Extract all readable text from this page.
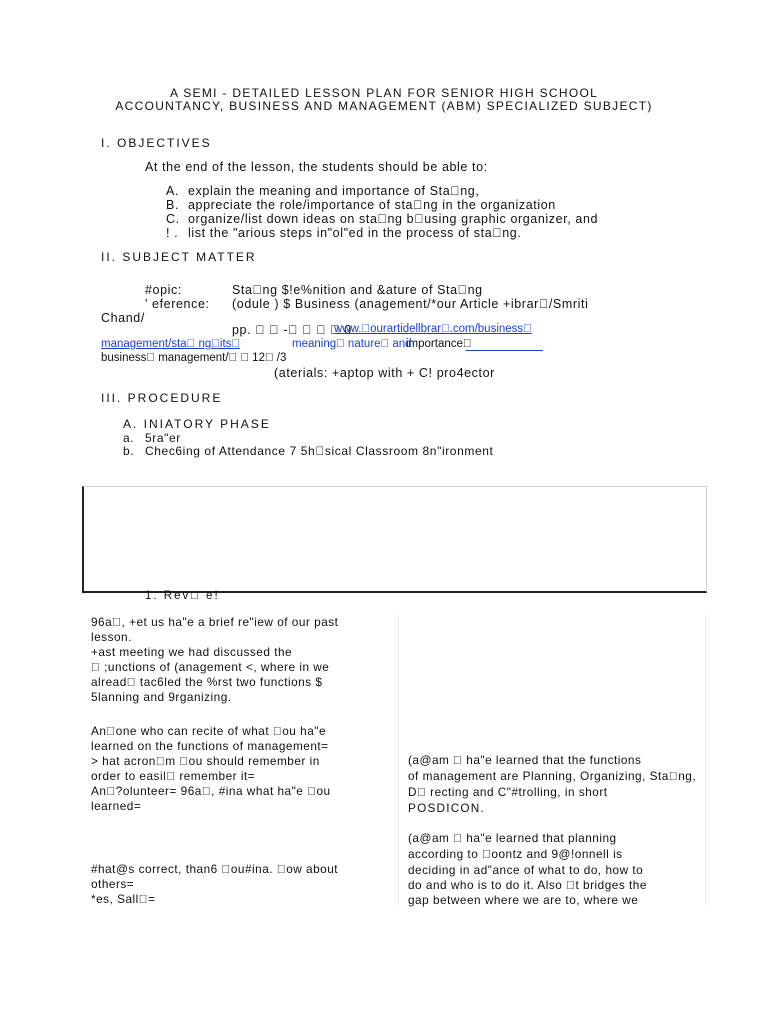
A SEMI - DETAILED LESSON PLAN FOR SENIOR HIGH SCHOOL
ACCOUNTANCY, BUSINESS AND MANAGEMENT (ABM) SPECIALIZED SUBJECT)
I. OBJECTIVES
At the end of the lesson, the students should be able to:
A. explain the meaning and importance of Sta ng,
B. appreciate the role/importance of sta ng in the organization
C. organize/list down ideas on sta ng b using graphic organizer, and
! . list the "arious steps in"ol"ed in the process of sta ng.
II. SUBJECT MATTER
#opic:	Sta ng $!e%nition and &ature of Sta ng
' eference: (odule ) $ Business (anagement/*our Article +ibrar /Smriti
Chand/
pp.     -        0
www. ourartidellbrar .com/business 
management/sta  ng its 	meaning  nature  and
importance 
business  management/    12  /3
(aterials: +aptop with + C! pro4ector
III. PROCEDURE
A. INIATORY PHASE
a. 5ra"er
b. Chec6ing of Attendance 7 5h sical Classroom 8n"ironment
1. Rev  e!
96a , +et us ha"e a brief re"iew of our past
lesson.
+ast meeting we had discussed the
  ;unctions of (anagement <, where in we
alread  tac6led the %rst two functions $
5lanning and 9rganizing.
An one who can recite of what  ou ha"e
learned on the functions of management=
> hat acron m  ou should remember in
order to easil  remember it=
An ?olunteer= 96a , #ina what ha"e  ou
learned=
#hat@s correct, than6  ou#ina.  ow about
others=
*es, Sall =
(a@am   ha"e learned that the functions
of management are Planning, Organizing, Sta ng,
D  recting and C"#trolling, in short
POSDICON.
(a@am   ha"e learned that planning
according to  oontz and 9@!onnell is
deciding in ad"ance of what to do, how to
do and who is to do it. Also  t bridges the
gap between where we are to, where we
